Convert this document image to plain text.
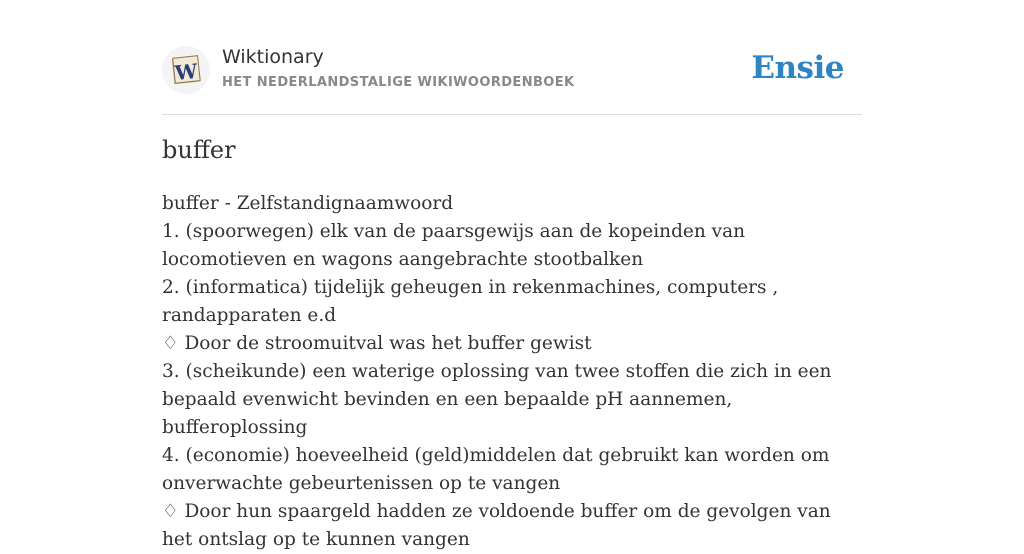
W
Wiktionary
HET NEDERLANDSTALIGE WIKIWOORDENBOEK	Ensie
buffer
buffer - Zelfstandignaamwoord
1. (spoorwegen) elk van de paarsgewijs aan de kopeinden van locomotieven en wagons aangebrachte stootbalken
2. (informatica) tijdelijk geheugen in rekenmachines, computers , randapparaten e.d
♢ Door de stroomuitval was het buffer gewist
3. (scheikunde) een waterige oplossing van twee stoffen die zich in een bepaald evenwicht bevinden en een bepaalde pH aannemen, bufferoplossing
4. (economie) hoeveelheid (geld)middelen dat gebruikt kan worden om onverwachte gebeurtenissen op te vangen
♢ Door hun spaargeld hadden ze voldoende buffer om de gevolgen van het ontslag op te kunnen vangen
